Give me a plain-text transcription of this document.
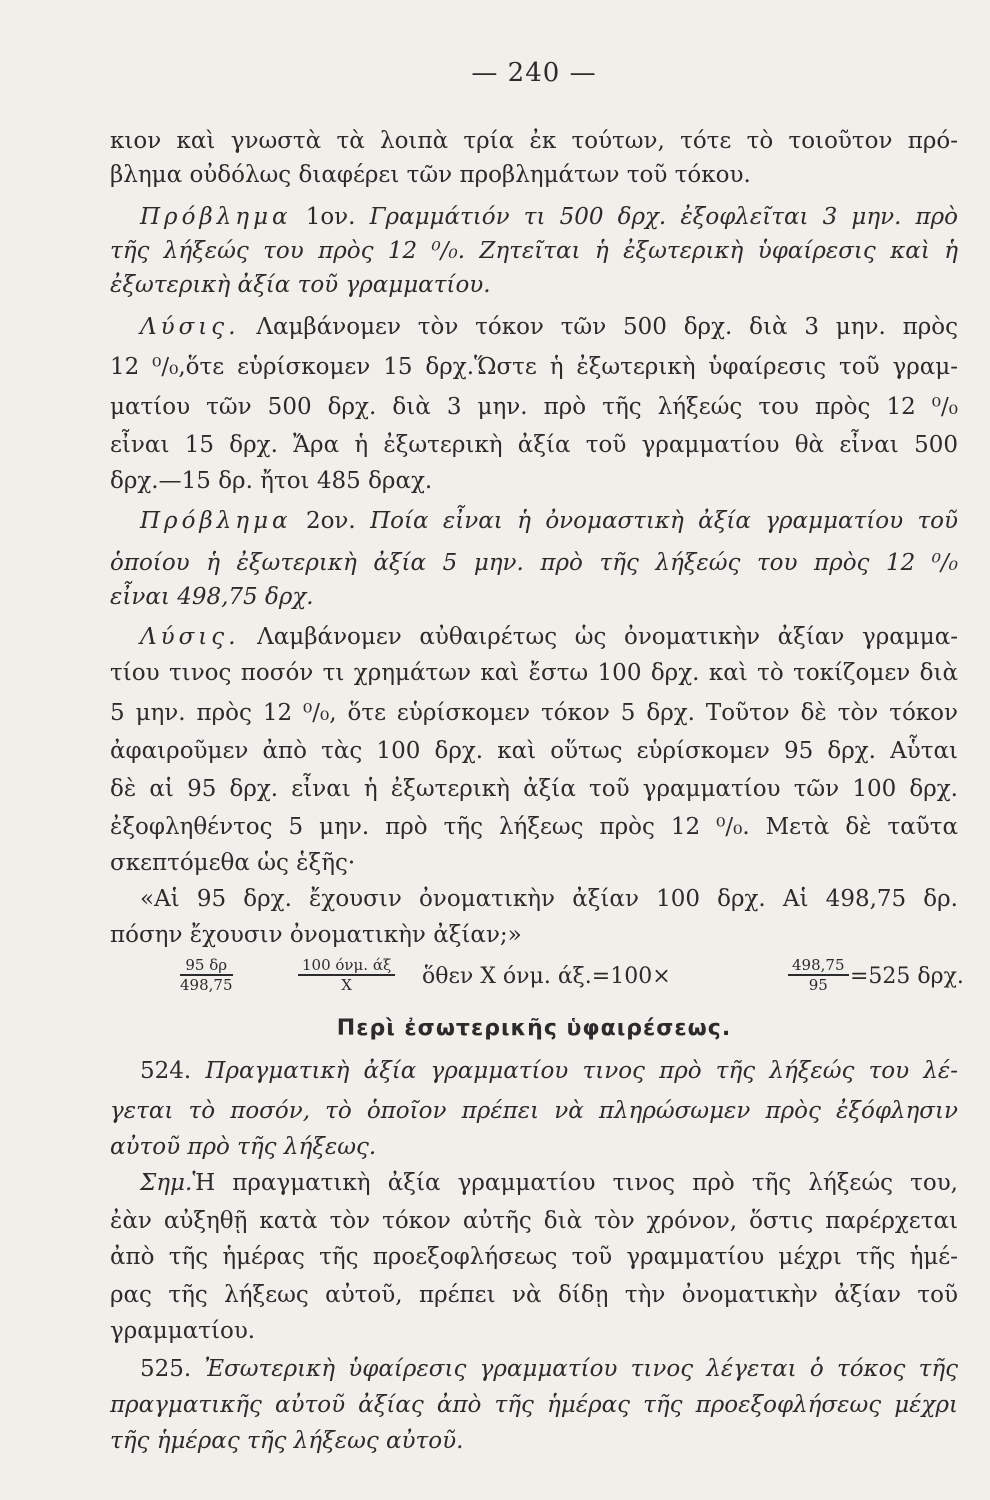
— 240 —
κιον καὶ γνωστὰ τὰ λοιπὰ τρία ἐκ τούτων, τότε τὸ τοιοῦτον πρό-
βλημα οὐδόλως διαφέρει τῶν προβλημάτων τοῦ τόκου.
Πρόβλημα 1ον. Γραμμάτιόν τι 500 δρχ. ἐξοφλεῖται 3 μην. πρὸ
τῆς λήξεώς του πρὸς 12 ⁰/₀. Ζητεῖται ἡ ἐξωτερικὴ ὑφαίρεσις καὶ ἡ
ἐξωτερικὴ ἀξία τοῦ γραμματίου.
Λύσις. Λαμβάνομεν τὸν τόκον τῶν 500 δρχ. διὰ 3 μην. πρὸς
12 ⁰/₀,ὅτε εὑρίσκομεν 15 δρχ.Ὥστε ἡ ἐξωτερικὴ ὑφαίρεσις τοῦ γραμ-
ματίου τῶν 500 δρχ. διὰ 3 μην. πρὸ τῆς λήξεώς του πρὸς 12 ⁰/₀
εἶναι 15 δρχ. Ἄρα ἡ ἐξωτερικὴ ἀξία τοῦ γραμματίου θὰ εἶναι 500
δρχ.—15 δρ. ἤτοι 485 δραχ.
Πρόβλημα 2ον. Ποία εἶναι ἡ ὀνομαστικὴ ἀξία γραμματίου τοῦ
ὁποίου ἡ ἐξωτερικὴ ἀξία 5 μην. πρὸ τῆς λήξεώς του πρὸς 12 ⁰/₀
εἶναι 498,75 δρχ.
Λύσις. Λαμβάνομεν αὐθαιρέτως ὡς ὀνοματικὴν ἀξίαν γραμμα-
τίου τινος ποσόν τι χρημάτων καὶ ἔστω 100 δρχ. καὶ τὸ τοκίζομεν διὰ
5 μην. πρὸς 12 ⁰/₀, ὅτε εὑρίσκομεν τόκον 5 δρχ. Τοῦτον δὲ τὸν τόκον
ἀφαιροῦμεν ἀπὸ τὰς 100 δρχ. καὶ οὕτως εὑρίσκομεν 95 δρχ. Αὗται
δὲ αἱ 95 δρχ. εἶναι ἡ ἐξωτερικὴ ἀξία τοῦ γραμματίου τῶν 100 δρχ.
ἐξοφληθέντος 5 μην. πρὸ τῆς λήξεως πρὸς 12 ⁰/₀. Μετὰ δὲ ταῦτα
σκεπτόμεθα ὡς ἑξῆς·
«Αἱ 95 δρχ. ἔχουσιν ὀνοματικὴν ἀξίαν 100 δρχ. Αἱ 498,75 δρ.
πόσην ἔχουσιν ὀνοματικὴν ἀξίαν;»
$\frac{95 \delta\rho}{498,75}$	100 όνμ. άξ
X	ὅθεν X όνμ. άξ.=100×	$\frac{498,75}{95} =525$ δρχ.
Περὶ ἐσωτερικῆς ὑφαιρέσεως.
524. Πραγματικὴ ἀξία γραμματίου τινος πρὸ τῆς λήξεώς του λέ-
γεται τὸ ποσόν, τὸ ὁποῖον πρέπει νὰ πληρώσωμεν πρὸς ἐξόφλησιν
αὐτοῦ πρὸ τῆς λήξεως.
Σημ.Ἡ πραγματικὴ ἀξία γραμματίου τινος πρὸ τῆς λήξεώς του,
ἐὰν αὐξηθῇ κατὰ τὸν τόκον αὐτῆς διὰ τὸν χρόνον, ὅστις παρέρχεται
ἀπὸ τῆς ἡμέρας τῆς προεξοφλήσεως τοῦ γραμματίου μέχρι τῆς ἡμέ-
ρας τῆς λήξεως αὐτοῦ, πρέπει νὰ δίδῃ τὴν ὀνοματικὴν ἀξίαν τοῦ
γραμματίου.
525. Ἐσωτερικὴ ὑφαίρεσις γραμματίου τινος λέγεται ὁ τόκος τῆς
πραγματικῆς αὐτοῦ ἀξίας ἀπὸ τῆς ἡμέρας τῆς προεξοφλήσεως μέχρι
τῆς ἡμέρας τῆς λήξεως αὐτοῦ.
